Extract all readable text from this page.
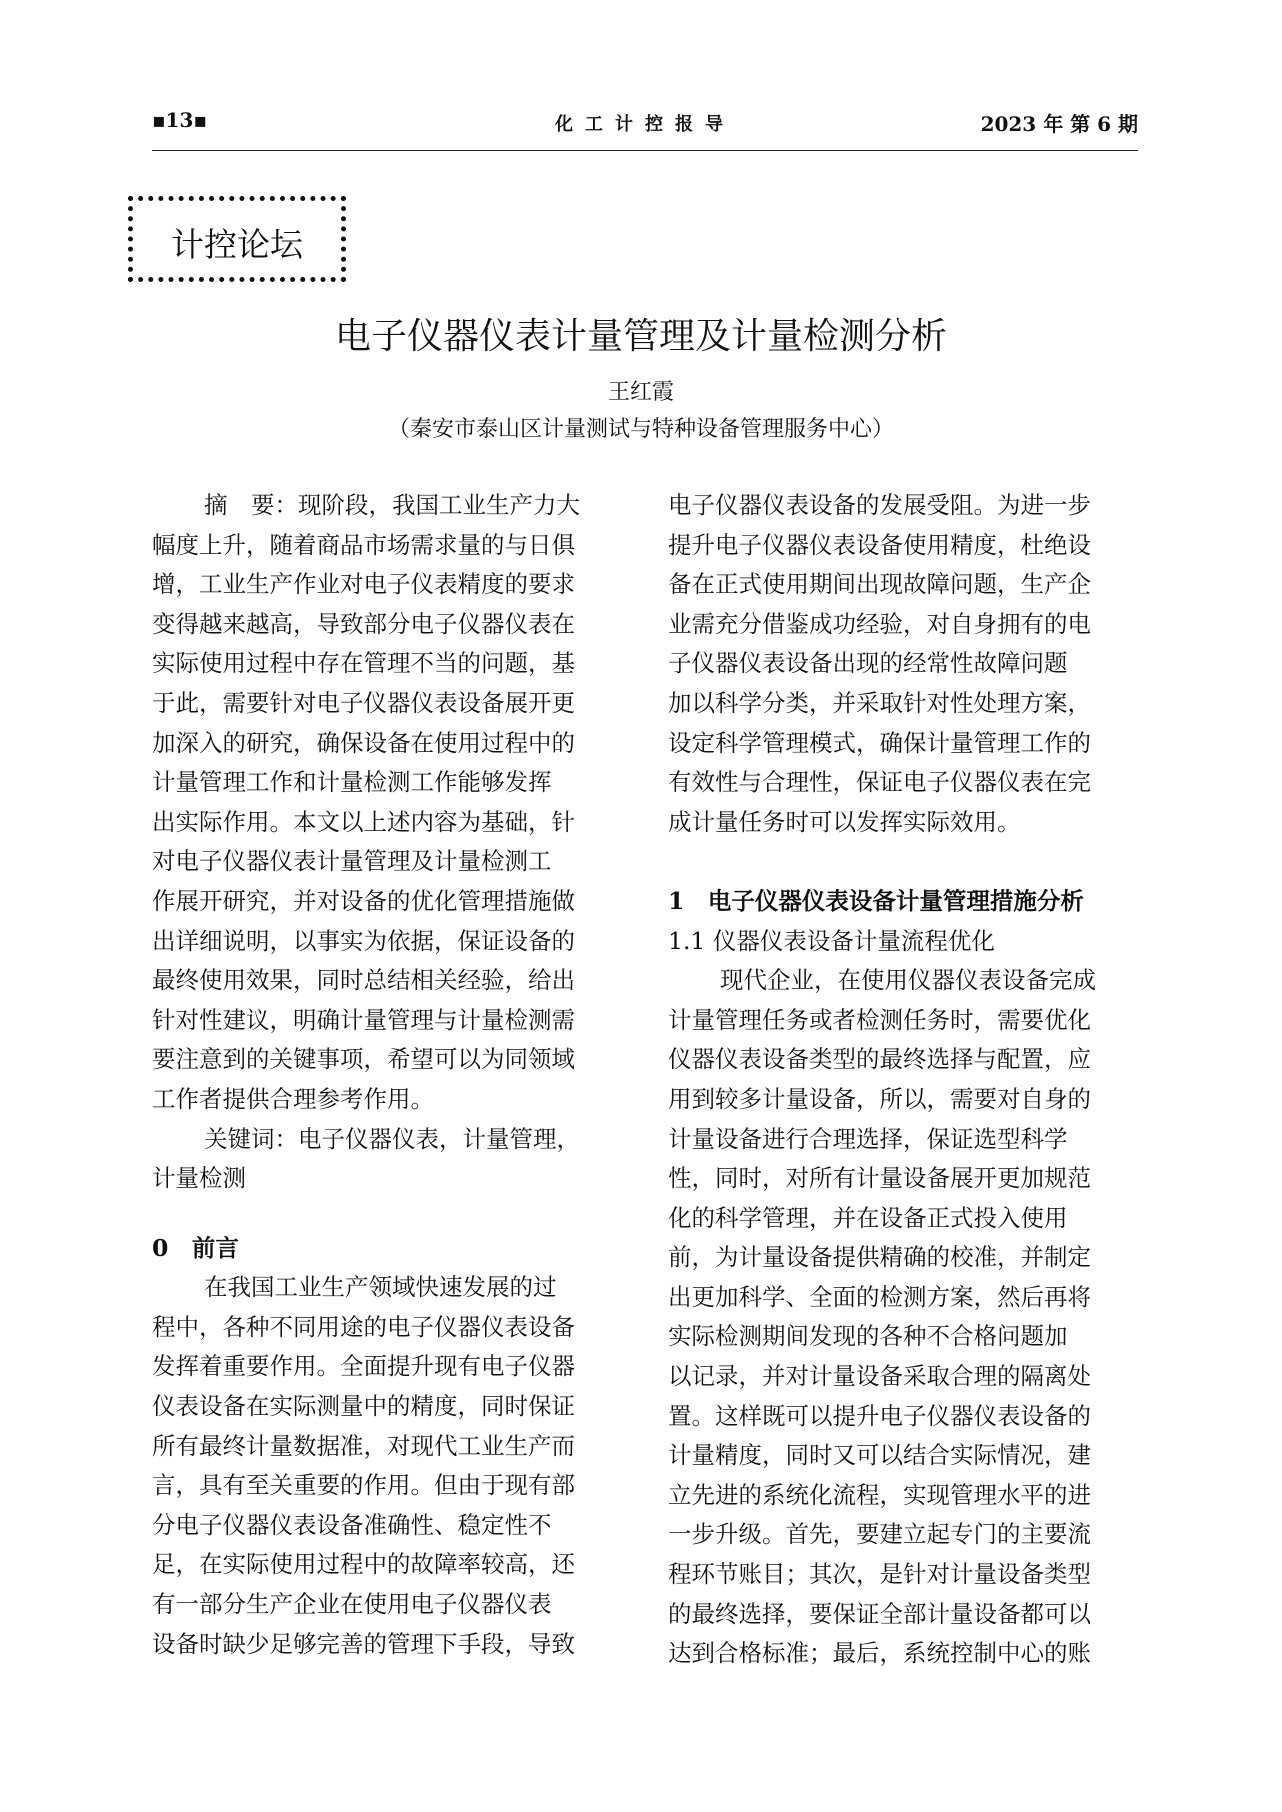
▪13▪	化工计控报导	2023 年 第 6 期
计控论坛
电子仪器仪表计量管理及计量检测分析
王红霞
（秦安市泰山区计量测试与特种设备管理服务中心）
摘　要：现阶段，我国工业生产力大
幅度上升，随着商品市场需求量的与日俱
增，工业生产作业对电子仪表精度的要求
变得越来越高，导致部分电子仪器仪表在
实际使用过程中存在管理不当的问题，基
于此，需要针对电子仪器仪表设备展开更
加深入的研究，确保设备在使用过程中的
计量管理工作和计量检测工作能够发挥
出实际作用。本文以上述内容为基础，针
对电子仪器仪表计量管理及计量检测工
作展开研究，并对设备的优化管理措施做
出详细说明，以事实为依据，保证设备的
最终使用效果，同时总结相关经验，给出
针对性建议，明确计量管理与计量检测需
要注意到的关键事项，希望可以为同领域
工作者提供合理参考作用。
关键词：电子仪器仪表，计量管理，
计量检测
0　前言
在我国工业生产领域快速发展的过
程中，各种不同用途的电子仪器仪表设备
发挥着重要作用。全面提升现有电子仪器
仪表设备在实际测量中的精度，同时保证
所有最终计量数据准，对现代工业生产而
言，具有至关重要的作用。但由于现有部
分电子仪器仪表设备准确性、稳定性不
足，在实际使用过程中的故障率较高，还
有一部分生产企业在使用电子仪器仪表
设备时缺少足够完善的管理下手段，导致
电子仪器仪表设备的发展受阻。为进一步
提升电子仪器仪表设备使用精度，杜绝设
备在正式使用期间出现故障问题，生产企
业需充分借鉴成功经验，对自身拥有的电
子仪器仪表设备出现的经常性故障问题
加以科学分类，并采取针对性处理方案，
设定科学管理模式，确保计量管理工作的
有效性与合理性，保证电子仪器仪表在完
成计量任务时可以发挥实际效用。
1　电子仪器仪表设备计量管理措施分析
1.1 仪器仪表设备计量流程优化
现代企业，在使用仪器仪表设备完成
计量管理任务或者检测任务时，需要优化
仪器仪表设备类型的最终选择与配置，应
用到较多计量设备，所以，需要对自身的
计量设备进行合理选择，保证选型科学
性，同时，对所有计量设备展开更加规范
化的科学管理，并在设备正式投入使用
前，为计量设备提供精确的校准，并制定
出更加科学、全面的检测方案，然后再将
实际检测期间发现的各种不合格问题加
以记录，并对计量设备采取合理的隔离处
置。这样既可以提升电子仪器仪表设备的
计量精度，同时又可以结合实际情况，建
立先进的系统化流程，实现管理水平的进
一步升级。首先，要建立起专门的主要流
程环节账目；其次，是针对计量设备类型
的最终选择，要保证全部计量设备都可以
达到合格标准；最后，系统控制中心的账
